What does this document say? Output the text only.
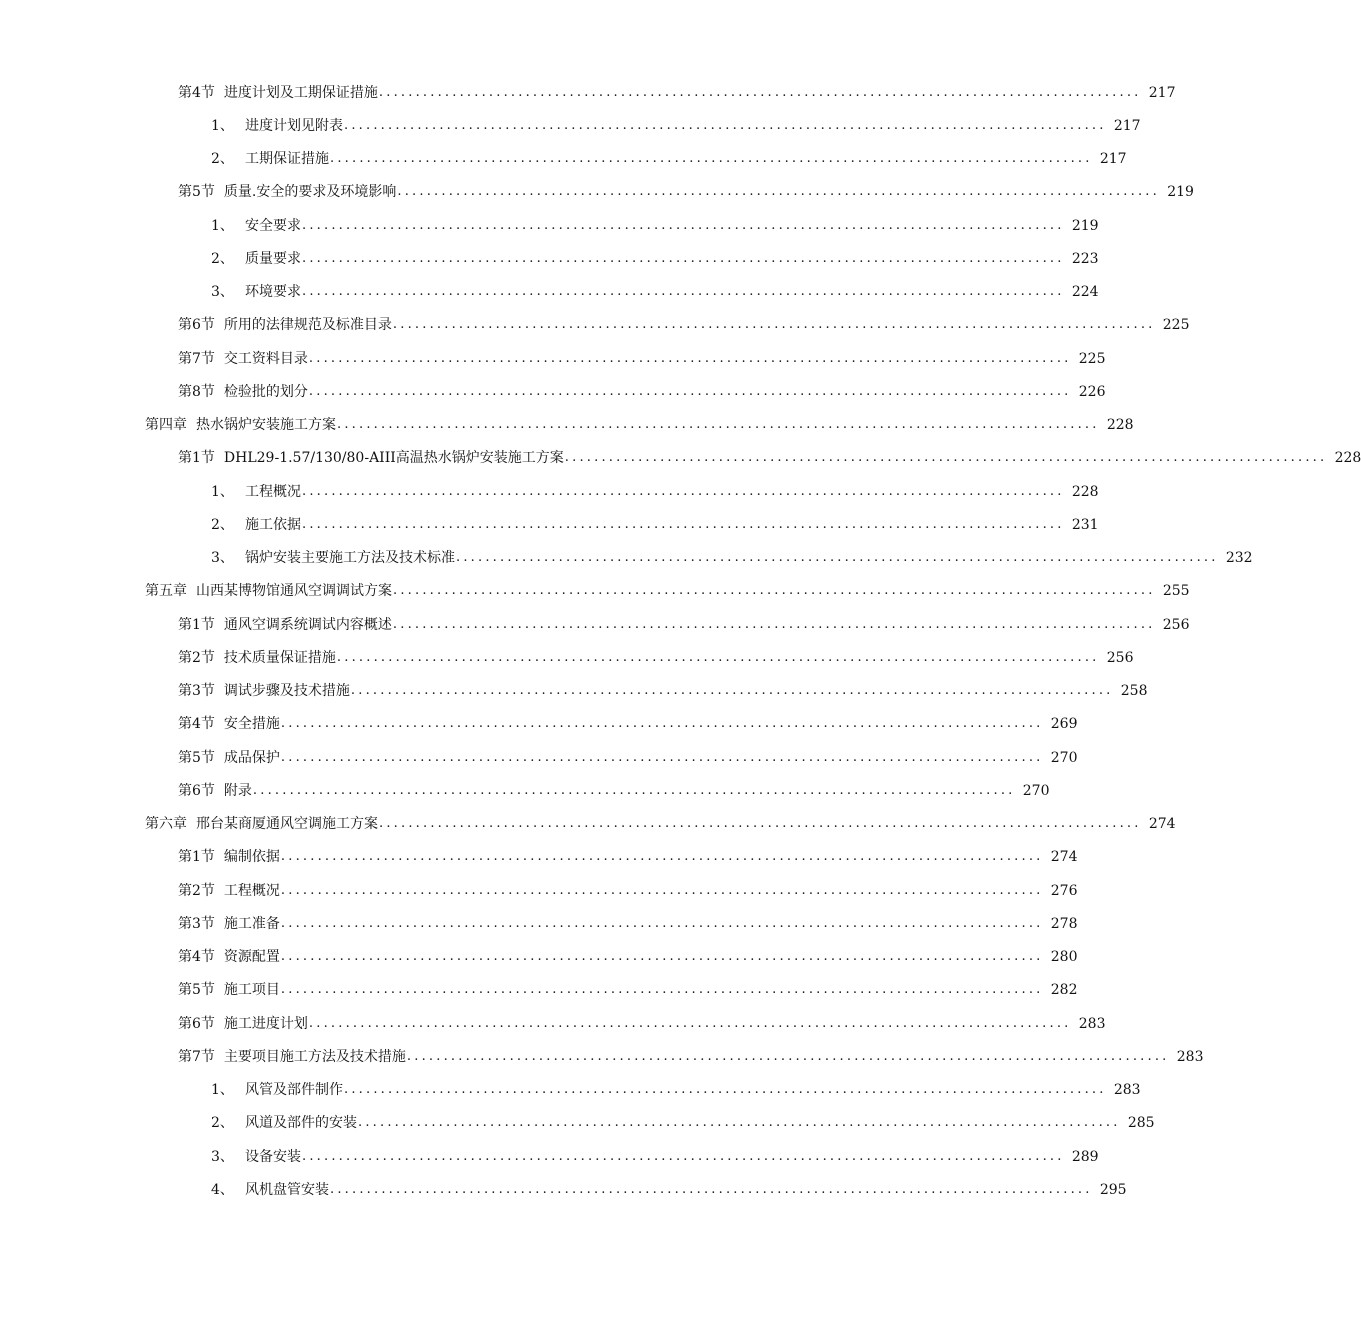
第4节 进度计划及工期保证措施 ........................................................................................................ 217
1、 进度计划见附表 ........................................................................................................ 217
2、 工期保证措施 ........................................................................................................ 217
第5节 质量.安全的要求及环境影响 ........................................................................................................ 219
1、 安全要求 ........................................................................................................ 219
2、 质量要求 ........................................................................................................ 223
3、 环境要求 ........................................................................................................ 224
第6节 所用的法律规范及标准目录 ........................................................................................................ 225
第7节 交工资料目录 ........................................................................................................ 225
第8节 检验批的划分 ........................................................................................................ 226
第四章 热水锅炉安装施工方案 ........................................................................................................ 228
第1节 DHL29-1.57/130/80-AIII高温热水锅炉安装施工方案 ........................................................................................................ 228
1、 工程概况 ........................................................................................................ 228
2、 施工依据 ........................................................................................................ 231
3、 锅炉安装主要施工方法及技术标准 ........................................................................................................ 232
第五章 山西某博物馆通风空调调试方案 ........................................................................................................ 255
第1节 通风空调系统调试内容概述 ........................................................................................................ 256
第2节 技术质量保证措施 ........................................................................................................ 256
第3节 调试步骤及技术措施 ........................................................................................................ 258
第4节 安全措施 ........................................................................................................ 269
第5节 成品保护 ........................................................................................................ 270
第6节 附录 ........................................................................................................ 270
第六章 邢台某商厦通风空调施工方案 ........................................................................................................ 274
第1节 编制依据 ........................................................................................................ 274
第2节 工程概况 ........................................................................................................ 276
第3节 施工准备 ........................................................................................................ 278
第4节 资源配置 ........................................................................................................ 280
第5节 施工项目 ........................................................................................................ 282
第6节 施工进度计划 ........................................................................................................ 283
第7节 主要项目施工方法及技术措施 ........................................................................................................ 283
1、 风管及部件制作 ........................................................................................................ 283
2、 风道及部件的安装 ........................................................................................................ 285
3、 设备安装 ........................................................................................................ 289
4、 风机盘管安装 ........................................................................................................ 295
